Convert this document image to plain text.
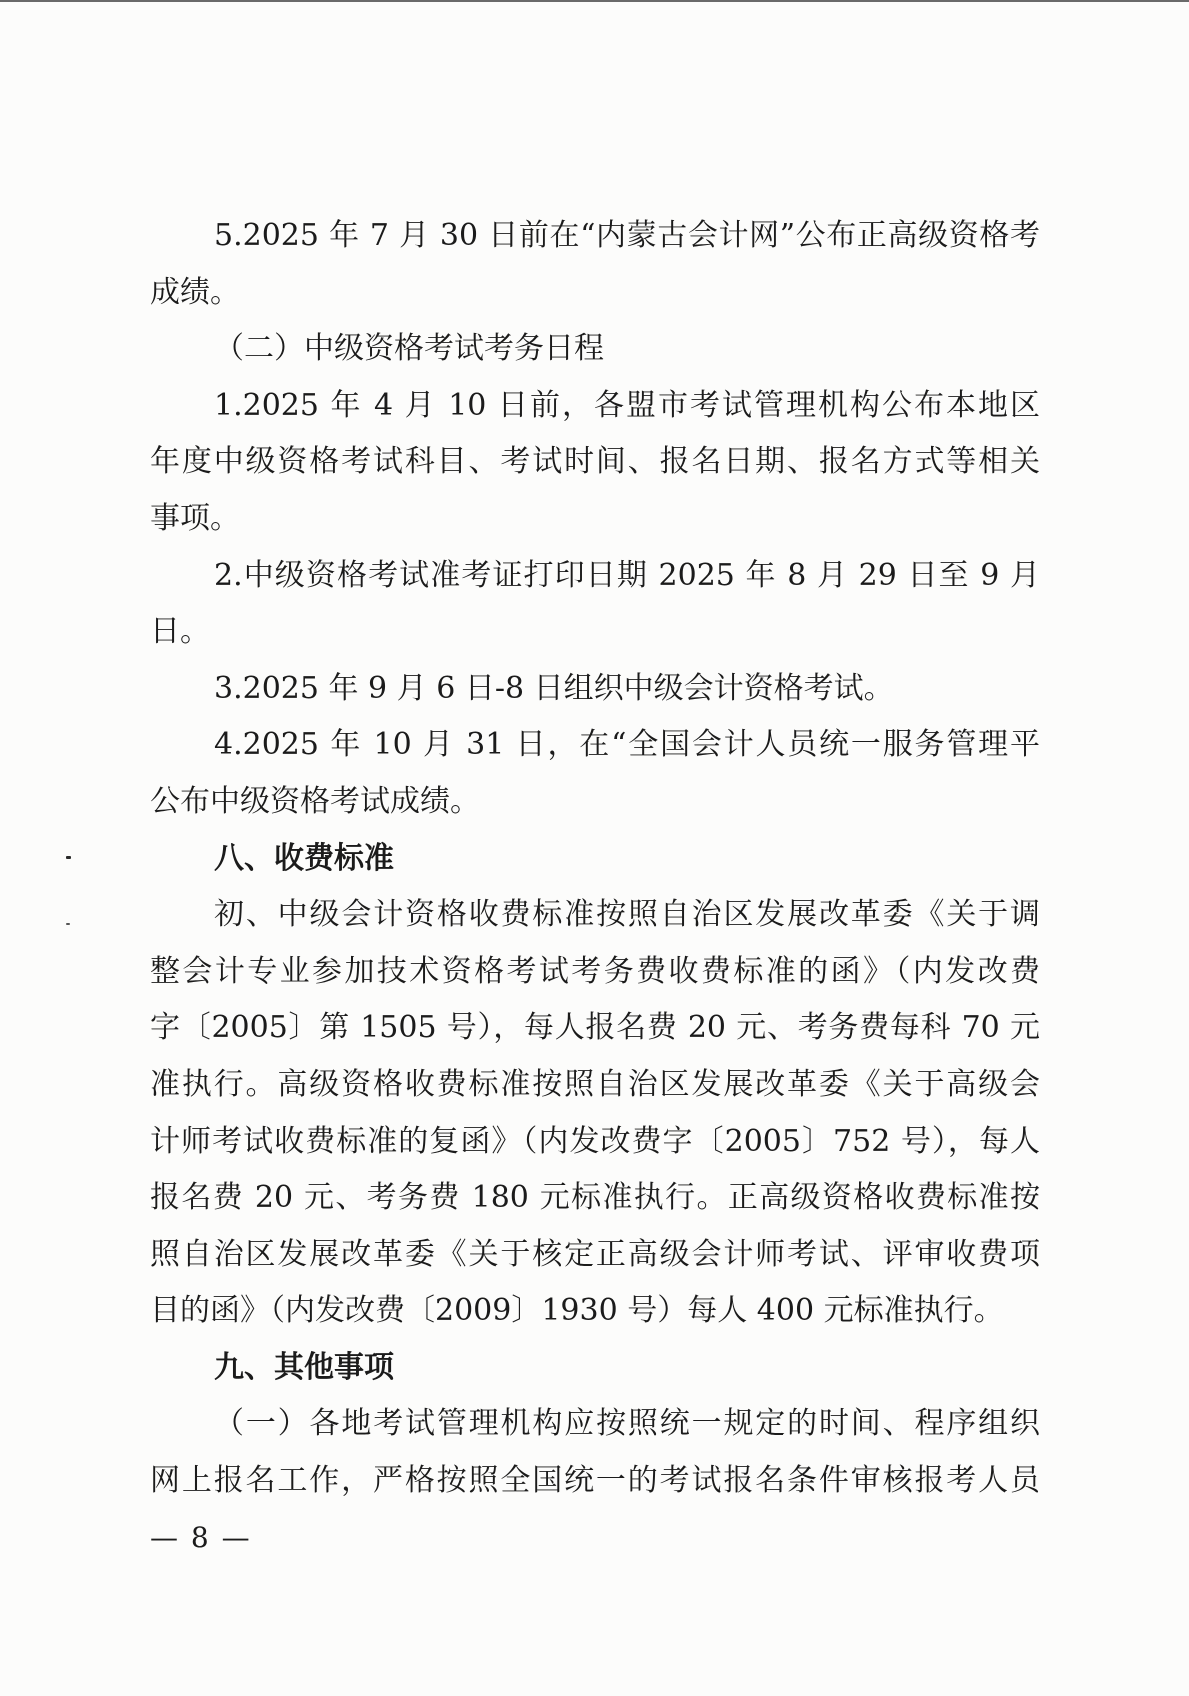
5.2025 年 7 月 30 日前在“内蒙古会计网”公布正高级资格考
成绩。
（二）中级资格考试考务日程
1.2025 年 4 月 10 日前，各盟市考试管理机构公布本地区
年度中级资格考试科目、考试时间、报名日期、报名方式等相关
事项。
2.中级资格考试准考证打印日期 2025 年 8 月 29 日至 9 月
日。
3.2025 年 9 月 6 日-8 日组织中级会计资格考试。
4.2025 年 10 月 31 日，在“全国会计人员统一服务管理平
公布中级资格考试成绩。
八、收费标准
初、中级会计资格收费标准按照自治区发展改革委《关于调
整会计专业参加技术资格考试考务费收费标准的函》（内发改费
字〔2005〕第 1505 号），每人报名费 20 元、考务费每科 70 元
准执行。高级资格收费标准按照自治区发展改革委《关于高级会
计师考试收费标准的复函》（内发改费字〔2005〕752 号），每人
报名费 20 元、考务费 180 元标准执行。正高级资格收费标准按
照自治区发展改革委《关于核定正高级会计师考试、评审收费项
目的函》（内发改费〔2009〕1930 号）每人 400 元标准执行。
九、其他事项
（一）各地考试管理机构应按照统一规定的时间、程序组织
网上报名工作，严格按照全国统一的考试报名条件审核报考人员
— 8 —
